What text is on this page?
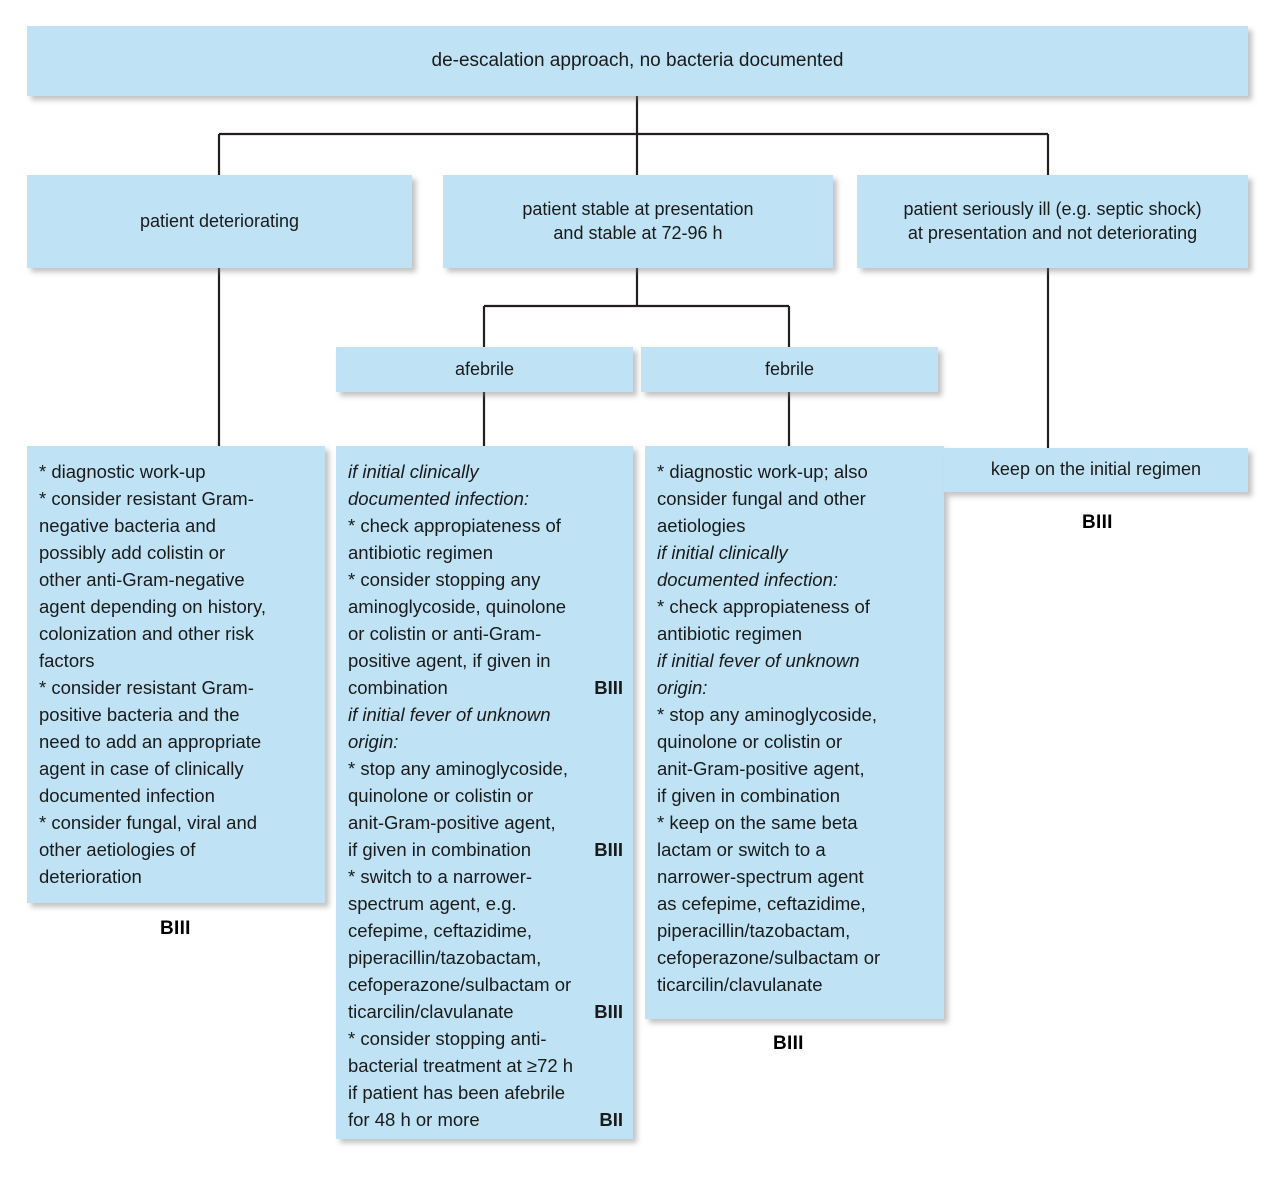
de-escalation approach, no bacteria documented
patient deteriorating
patient stable at presentation
and stable at 72-96 h
patient seriously ill (e.g. septic shock)
at presentation and not deteriorating
afebrile	febrile
* diagnostic work-up
* consider resistant Gram-
negative bacteria and
possibly add colistin or
other anti-Gram-negative
agent depending on history,
colonization and other risk
factors
* consider resistant Gram-
positive bacteria and the
need to add an appropriate
agent in case of clinically
documented infection
* consider fungal, viral and
other aetiologies of
deterioration
BIII
if initial clinically
documented infection:
* check appropiateness of
antibiotic regimen
* consider stopping any
aminoglycoside, quinolone
or colistin or anti-Gram-
positive agent, if given in
combination	BIII
if initial fever of unknown
origin:
* stop any aminoglycoside,
quinolone or colistin or
anit-Gram-positive agent,
if given in combination	BIII
* switch to a narrower-
spectrum agent, e.g.
cefepime, ceftazidime,
piperacillin/tazobactam,
cefoperazone/sulbactam or
ticarcilin/clavulanate	BIII
* consider stopping anti-
bacterial treatment at ≥72 h
if patient has been afebrile
for 48 h or more	BII
* diagnostic work-up; also
consider fungal and other
aetiologies
if initial clinically
documented infection:
* check appropiateness of
antibiotic regimen
if initial fever of unknown
origin:
* stop any aminoglycoside,
quinolone or colistin or
anit-Gram-positive agent,
if given in combination
* keep on the same beta
lactam or switch to a
narrower-spectrum agent
as cefepime, ceftazidime,
piperacillin/tazobactam,
cefoperazone/sulbactam or
ticarcilin/clavulanate
BIII
keep on the initial regimen
BIII
